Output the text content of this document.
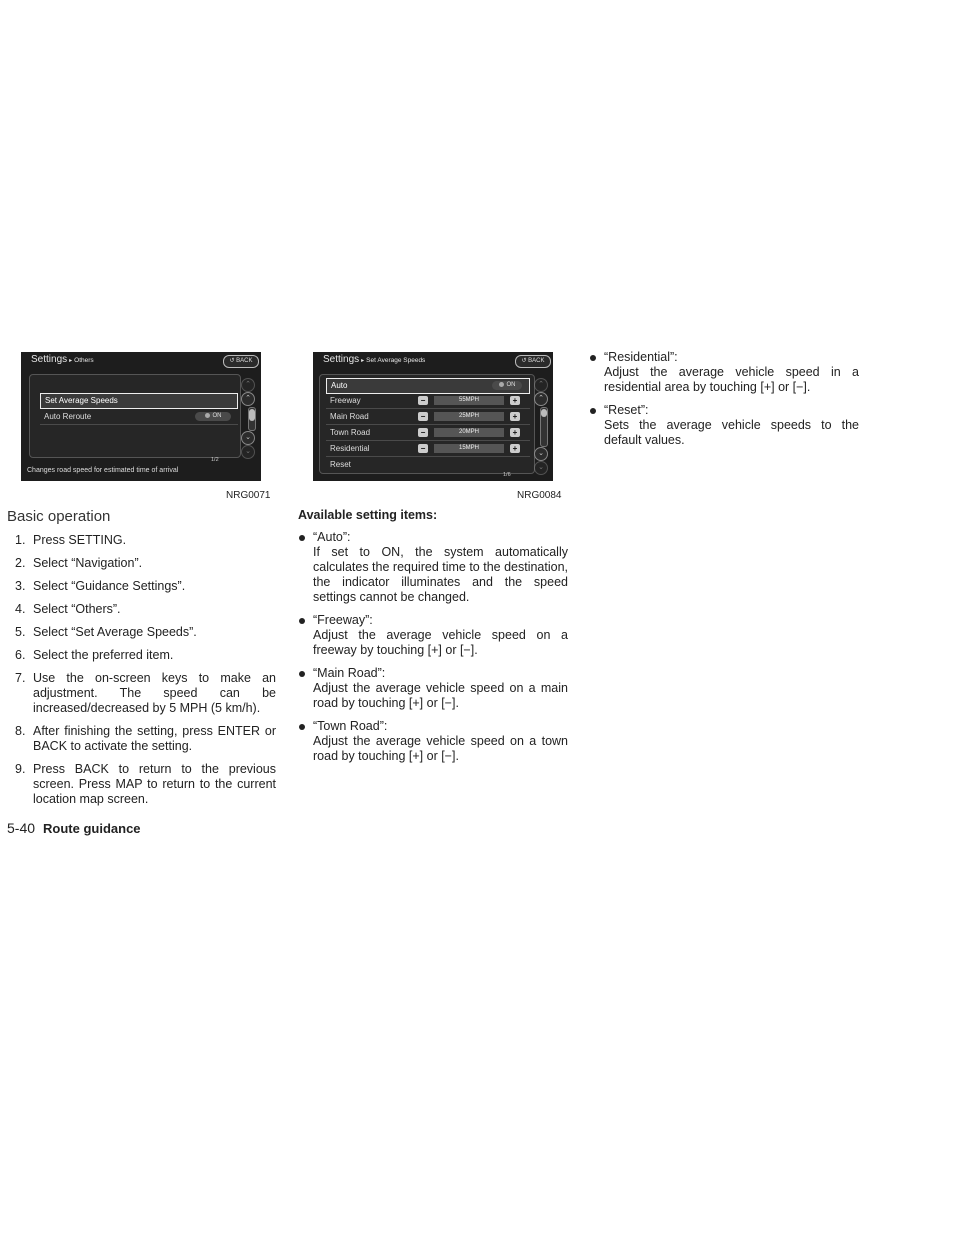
Settings ▸ Others	↺ BACK
Set Average Speeds
Auto Reroute	ON
⌃
⌃
⌄
⌄
1/2
Changes road speed for estimated time of arrival
NRG0071
Settings ▸ Set Average Speeds	↺ BACK
Auto	ON
Freeway	−	55MPH	+
Main Road	−	25MPH	+
Town Road	−	20MPH	+
Residential	−	15MPH	+
Reset
⌃
⌃
⌄
⌄
1/6
NRG0084
Basic operation
1. Press SETTING.
2. Select “Navigation”.
3. Select “Guidance Settings”.
4. Select “Others”.
5. Select “Set Average Speeds”.
6. Select the preferred item.
7. Use the on-screen keys to make an adjustment. The speed can be increased/decreased by 5 MPH (5 km/h).
8. After finishing the setting, press ENTER or BACK to activate the setting.
9. Press BACK to return to the previous screen. Press MAP to return to the current location map screen.
5-40 Route guidance
Available setting items:
“Auto”:
If set to ON, the system automatically calculates the required time to the destination, the indicator illuminates and the speed settings cannot be changed.
“Freeway”:
Adjust the average vehicle speed on a freeway by touching [+] or [−].
“Main Road”:
Adjust the average vehicle speed on a main road by touching [+] or [−].
“Town Road”:
Adjust the average vehicle speed on a town road by touching [+] or [−].
“Residential”:
Adjust the average vehicle speed in a residential area by touching [+] or [−].
“Reset”:
Sets the average vehicle speeds to the default values.
